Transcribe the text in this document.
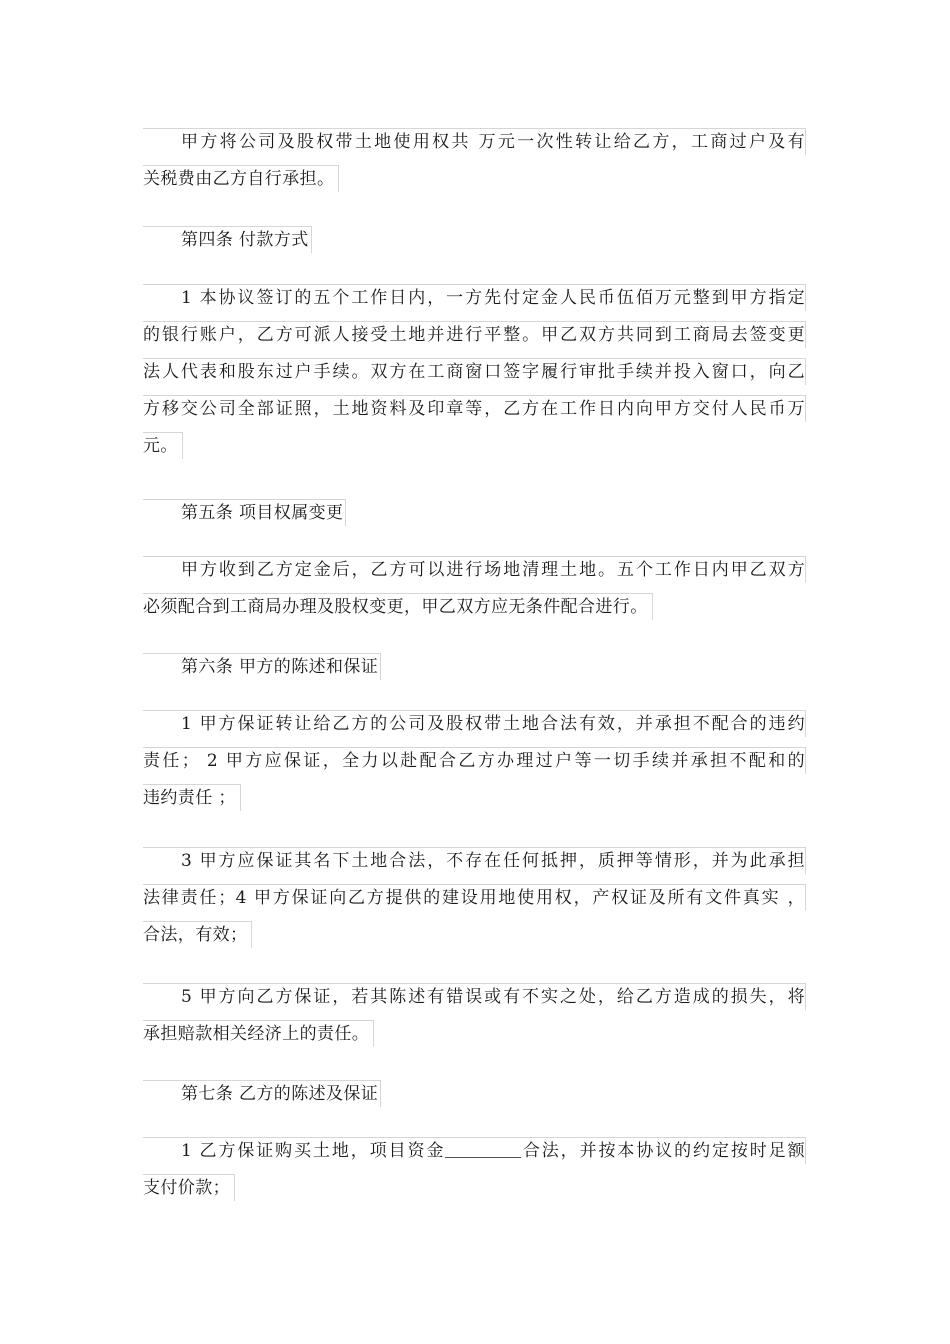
甲方将公司及股权带土地使用权共 万元一次性转让给乙方，工商过户及有
关税费由乙方自行承担。
第四条 付款方式
1 本协议签订的五个工作日内，一方先付定金人民币伍佰万元整到甲方指定
的银行账户，乙方可派人接受土地并进行平整。甲乙双方共同到工商局去签变更
法人代表和股东过户手续。双方在工商窗口签字履行审批手续并投入窗口，向乙
方移交公司全部证照，土地资料及印章等，乙方在工作日内向甲方交付人民币万
元。
第五条 项目权属变更
甲方收到乙方定金后，乙方可以进行场地清理土地。五个工作日内甲乙双方
必须配合到工商局办理及股权变更，甲乙双方应无条件配合进行。
第六条 甲方的陈述和保证
1 甲方保证转让给乙方的公司及股权带土地合法有效，并承担不配合的违约
责任； 2 甲方应保证，全力以赴配合乙方办理过户等一切手续并承担不配和的
违约责任 ；
3 甲方应保证其名下土地合法，不存在任何抵押，质押等情形，并为此承担
法律责任；4 甲方保证向乙方提供的建设用地使用权，产权证及所有文件真实 ，
合法，有效；
5 甲方向乙方保证，若其陈述有错误或有不实之处，给乙方造成的损失，将
承担赔款相关经济上的责任。
第七条 乙方的陈述及保证
1 乙方保证购买土地，项目资金	合法，并按本协议的约定按时足额
支付价款；
